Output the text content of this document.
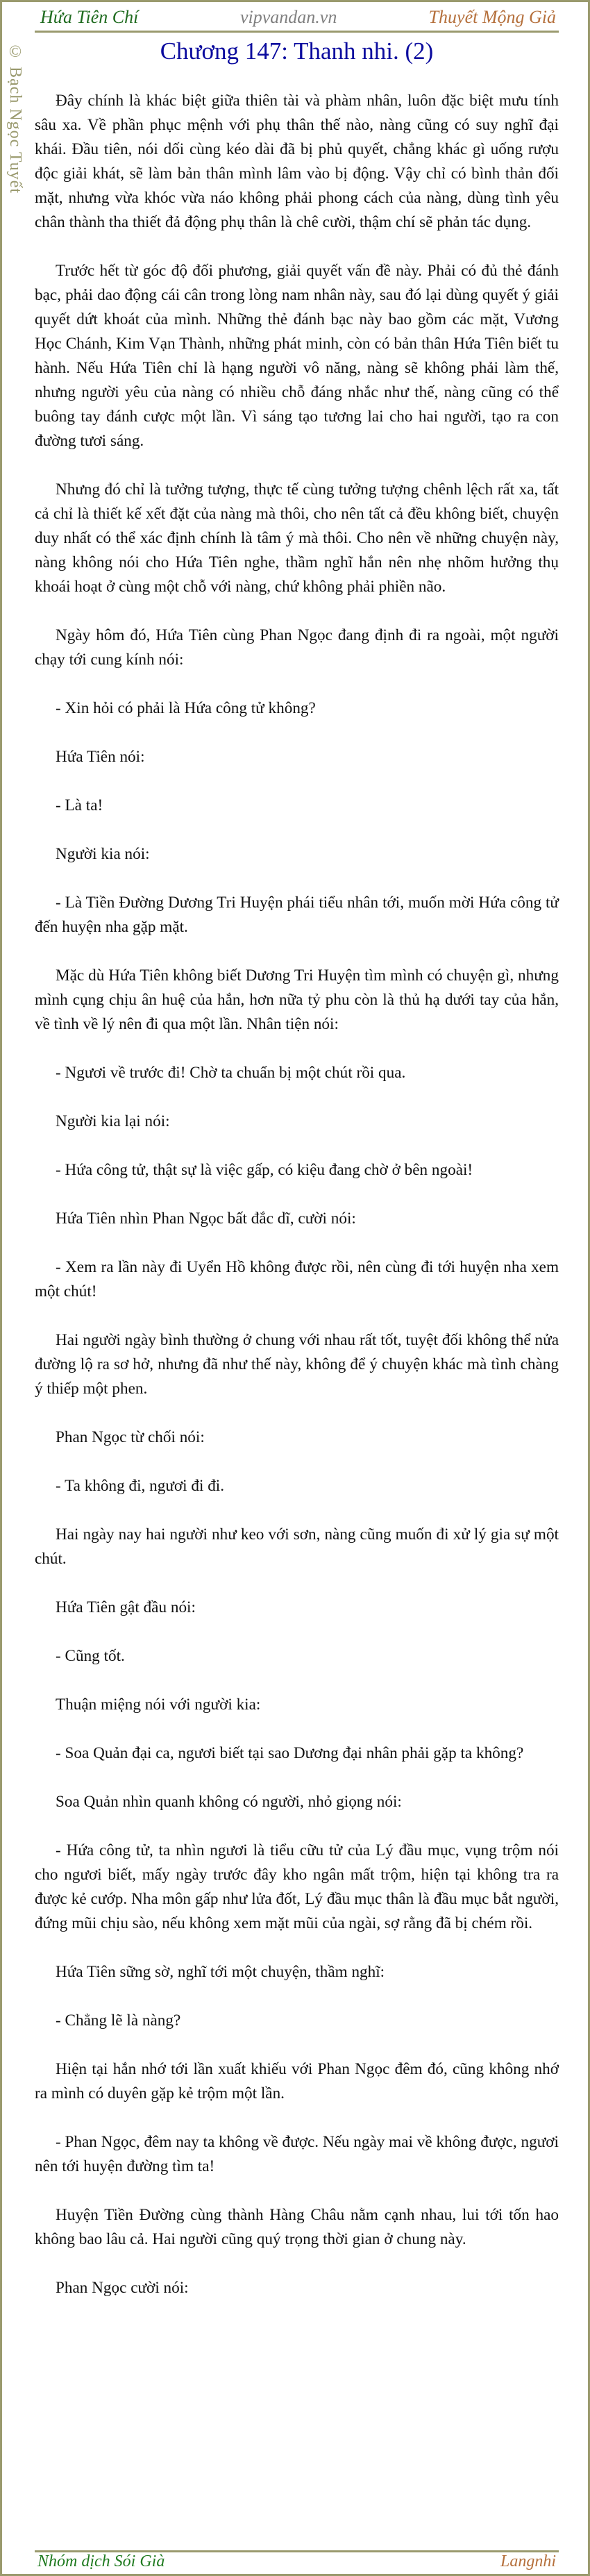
© Bạch Ngọc Tuyết
Hứa Tiên Chí	vipvandan.vn	Thuyết Mộng Giả
Chương 147: Thanh nhi. (2)

Đây chính là khác biệt giữa thiên tài và phàm nhân, luôn đặc biệt mưu tính sâu xa. Về phần phục mệnh với phụ thân thế nào, nàng cũng có suy nghĩ đại khái. Đầu tiên, nói dối cùng kéo dài đã bị phủ quyết, chẳng khác gì uống rượu độc giải khát, sẽ làm bản thân mình lâm vào bị động. Vậy chỉ có bình thản đối mặt, nhưng vừa khóc vừa náo không phải phong cách của nàng, dùng tình yêu chân thành tha thiết đả động phụ thân là chê cười, thậm chí sẽ phản tác dụng.

Trước hết từ góc độ đối phương, giải quyết vấn đề này. Phải có đủ thẻ đánh bạc, phải dao động cái cân trong lòng nam nhân này, sau đó lại dùng quyết ý giải quyết dứt khoát của mình. Những thẻ đánh bạc này bao gồm các mặt, Vương Học Chánh, Kim Vạn Thành, những phát minh, còn có bản thân Hứa Tiên biết tu hành. Nếu Hứa Tiên chỉ là hạng người vô năng, nàng sẽ không phải làm thế, nhưng người yêu của nàng có nhiều chỗ đáng nhắc như thế, nàng cũng có thể buông tay đánh cược một lần. Vì sáng tạo tương lai cho hai người, tạo ra con đường tươi sáng.

Nhưng đó chỉ là tưởng tượng, thực tế cùng tưởng tượng chênh lệch rất xa, tất cả chỉ là thiết kế xết đặt của nàng mà thôi, cho nên tất cả đều không biết, chuyện duy nhất có thể xác định chính là tâm ý mà thôi. Cho nên về những chuyện này, nàng không nói cho Hứa Tiên nghe, thầm nghĩ hắn nên nhẹ nhõm hưởng thụ khoái hoạt ở cùng một chỗ với nàng, chứ không phải phiền não.

Ngày hôm đó, Hứa Tiên cùng Phan Ngọc đang định đi ra ngoài, một người chạy tới cung kính nói:

- Xin hỏi có phải là Hứa công tử không?

Hứa Tiên nói:

- Là ta!

Người kia nói:

- Là Tiền Đường Dương Tri Huyện phái tiểu nhân tới, muốn mời Hứa công tử đến huyện nha gặp mặt.

Mặc dù Hứa Tiên không biết Dương Tri Huyện tìm mình có chuyện gì, nhưng mình cụng chịu ân huệ của hắn, hơn nữa tỷ phu còn là thủ hạ dưới tay của hắn, về tình về lý nên đi qua một lần. Nhân tiện nói:

- Ngươi về trước đi! Chờ ta chuẩn bị một chút rồi qua.

Người kia lại nói:

- Hứa công tử, thật sự là việc gấp, có kiệu đang chờ ở bên ngoài!

Hứa Tiên nhìn Phan Ngọc bất đắc dĩ, cười nói:

- Xem ra lần này đi Uyển Hồ không được rồi, nên cùng đi tới huyện nha xem một chút!

Hai người ngày bình thường ở chung với nhau rất tốt, tuyệt đối không thể nửa đường lộ ra sơ hở, nhưng đã như thế này, không để ý chuyện khác mà tình chàng ý thiếp một phen.

Phan Ngọc từ chối nói:

- Ta không đi, ngươi đi đi.

Hai ngày nay hai người như keo với sơn, nàng cũng muốn đi xử lý gia sự một chút.

Hứa Tiên gật đầu nói:

- Cũng tốt.

Thuận miệng nói với người kia:

- Soa Quản đại ca, ngươi biết tại sao Dương đại nhân phải gặp ta không?

Soa Quản nhìn quanh không có người, nhỏ giọng nói:

- Hứa công tử, ta nhìn ngươi là tiểu cữu tử của Lý đầu mục, vụng trộm nói cho ngươi biết, mấy ngày trước đây kho ngân mất trộm, hiện tại không tra ra được kẻ cướp. Nha môn gấp như lửa đốt, Lý đầu mục thân là đầu mục bắt người, đứng mũi chịu sào, nếu không xem mặt mũi của ngài, sợ rằng đã bị chém rồi.

Hứa Tiên sững sờ, nghĩ tới một chuyện, thầm nghĩ:

- Chẳng lẽ là nàng?

Hiện tại hắn nhớ tới lần xuất khiếu với Phan Ngọc đêm đó, cũng không nhớ ra mình có duyên gặp kẻ trộm một lần.

- Phan Ngọc, đêm nay ta không về được. Nếu ngày mai về không được, ngươi nên tới huyện đường tìm ta!

Huyện Tiền Đường cùng thành Hàng Châu nằm cạnh nhau, lui tới tốn hao không bao lâu cả. Hai người cũng quý trọng thời gian ở chung này.

Phan Ngọc cười nói:

Nhóm dịch Sói Già	Langnhi
